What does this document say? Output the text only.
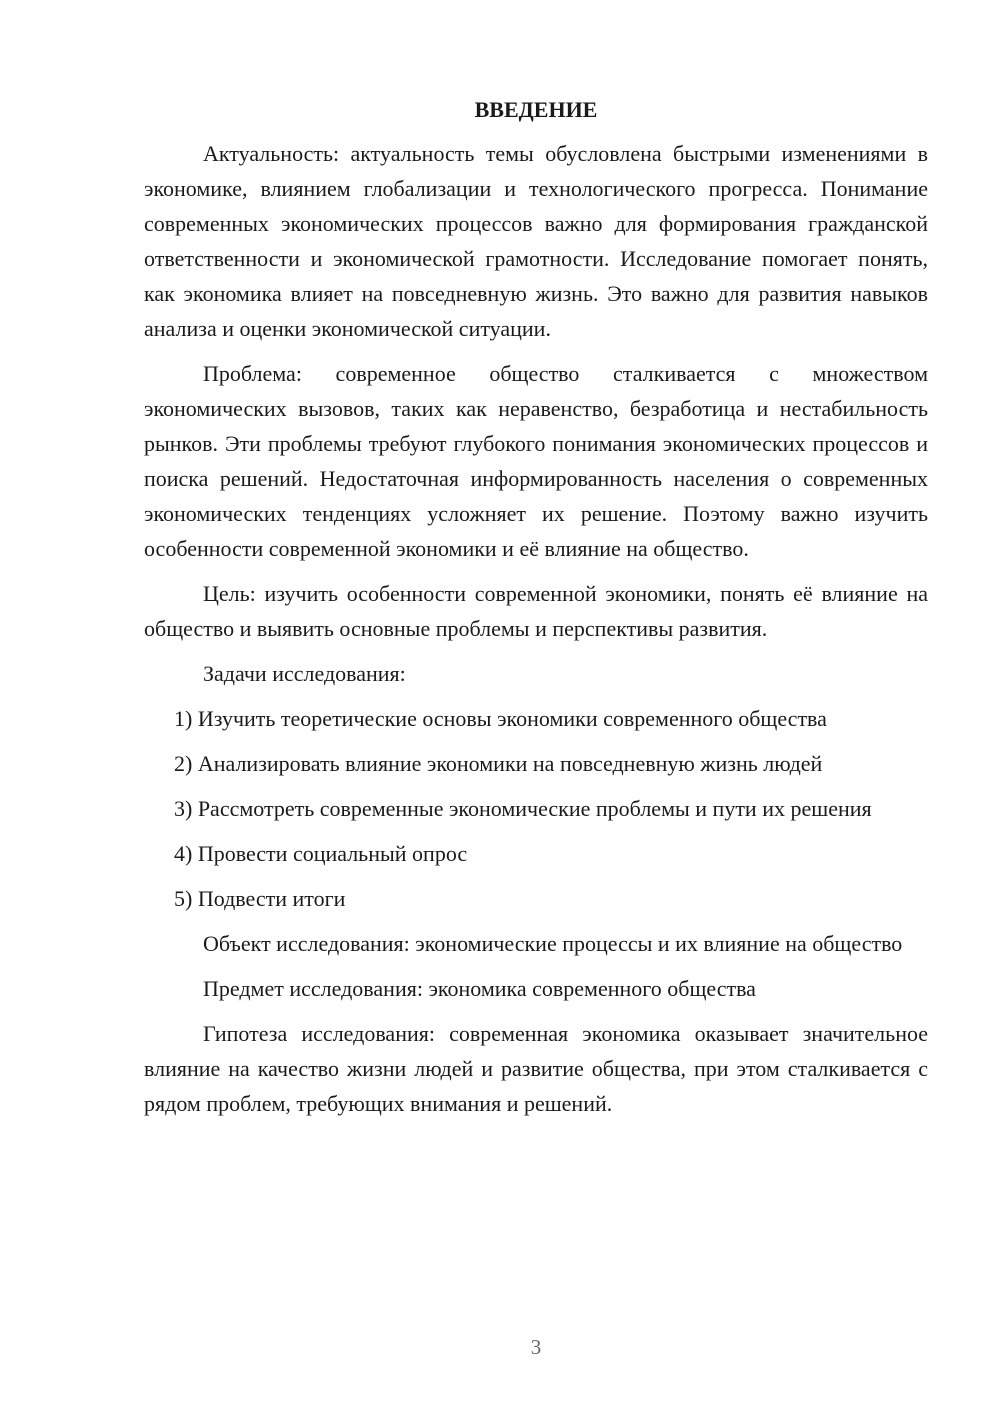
ВВЕДЕНИЕ

Актуальность: актуальность темы обусловлена быстрыми изменениями в экономике, влиянием глобализации и технологического прогресса. Понимание современных экономических процессов важно для формирования гражданской ответственности и экономической грамотности. Исследование помогает понять, как экономика влияет на повседневную жизнь. Это важно для развития навыков анализа и оценки экономической ситуации.

Проблема: современное общество сталкивается с множеством экономических вызовов, таких как неравенство, безработица и нестабильность рынков. Эти проблемы требуют глубокого понимания экономических процессов и поиска решений. Недостаточная информированность населения о современных экономических тенденциях усложняет их решение. Поэтому важно изучить особенности современной экономики и её влияние на общество.

Цель: изучить особенности современной экономики, понять её влияние на общество и выявить основные проблемы и перспективы развития.

Задачи исследования:

1) Изучить теоретические основы экономики современного общества

2) Анализировать влияние экономики на повседневную жизнь людей

3) Рассмотреть современные экономические проблемы и пути их решения

4) Провести социальный опрос

5) Подвести итоги

Объект исследования: экономические процессы и их влияние на общество

Предмет исследования: экономика современного общества

Гипотеза исследования: современная экономика оказывает значительное влияние на качество жизни людей и развитие общества, при этом сталкивается с рядом проблем, требующих внимания и решений.

3
